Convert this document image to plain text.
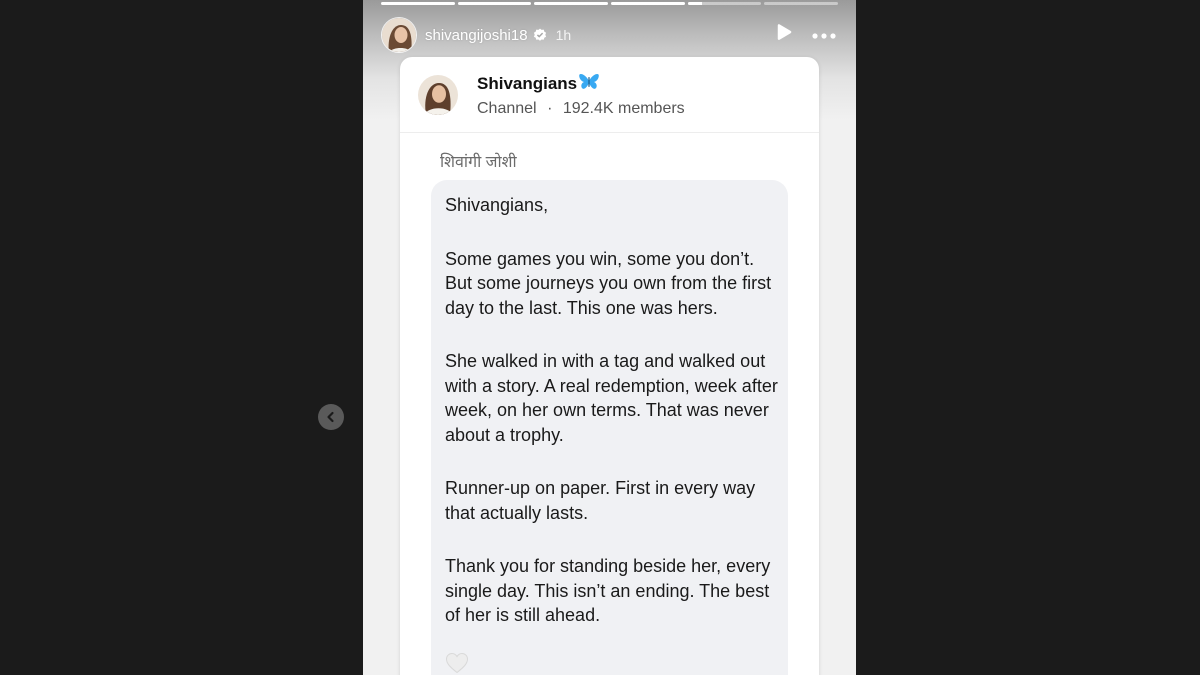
shivangijoshi18 1h
Shivangians
Channel · 192.4K members
शिवांगी जोशी

Shivangians,

Some games you win, some you don’t. But some journeys you own from the first day to the last. This one was hers.

She walked in with a tag and walked out with a story. A real redemption, week after week, on her own terms. That was never about a trophy.

Runner-up on paper. First in every way that actually lasts.

Thank you for standing beside her, every single day. This isn’t an ending. The best of her is still ahead.
